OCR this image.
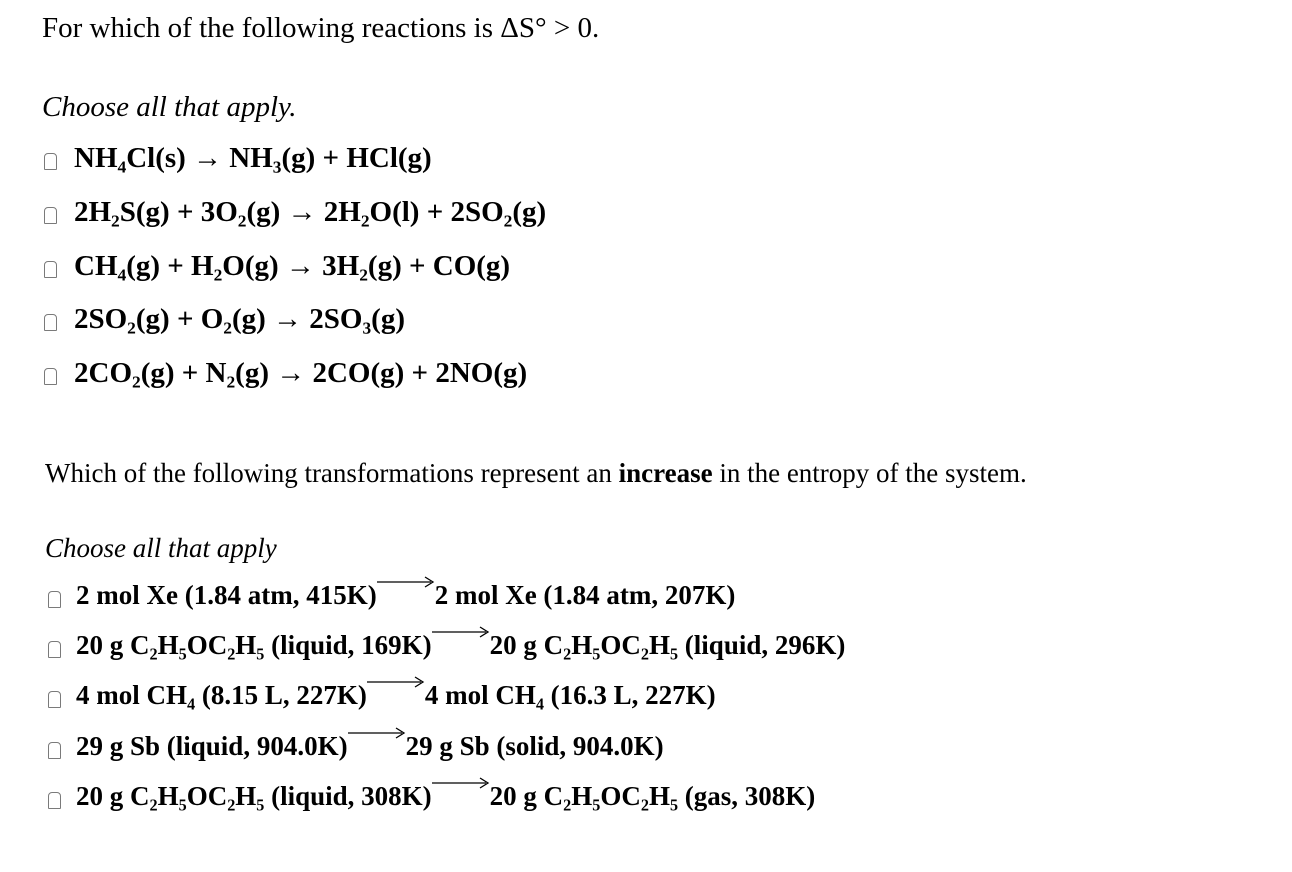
For which of the following reactions is ΔS° > 0.
Choose all that apply.
NH₄Cl(s) → NH₃(g) + HCl(g)
2H₂S(g) + 3O₂(g) → 2H₂O(l) + 2SO₂(g)
CH₄(g) + H₂O(g) → 3H₂(g) + CO(g)
2SO₂(g) + O₂(g) → 2SO₃(g)
2CO₂(g) + N₂(g) → 2CO(g) + 2NO(g)
Which of the following transformations represent an increase in the entropy of the system.
Choose all that apply
2 mol Xe (1.84 atm, 415K) 2 mol Xe (1.84 atm, 207K)
20 g C₂H₅OC₂H₅ (liquid, 169K) 20 g C₂H₅OC₂H₅ (liquid, 296K)
4 mol CH₄ (8.15 L, 227K) 4 mol CH₄ (16.3 L, 227K)
29 g Sb (liquid, 904.0K) 29 g Sb (solid, 904.0K)
20 g C₂H₅OC₂H₅ (liquid, 308K) 20 g C₂H₅OC₂H₅ (gas, 308K)
